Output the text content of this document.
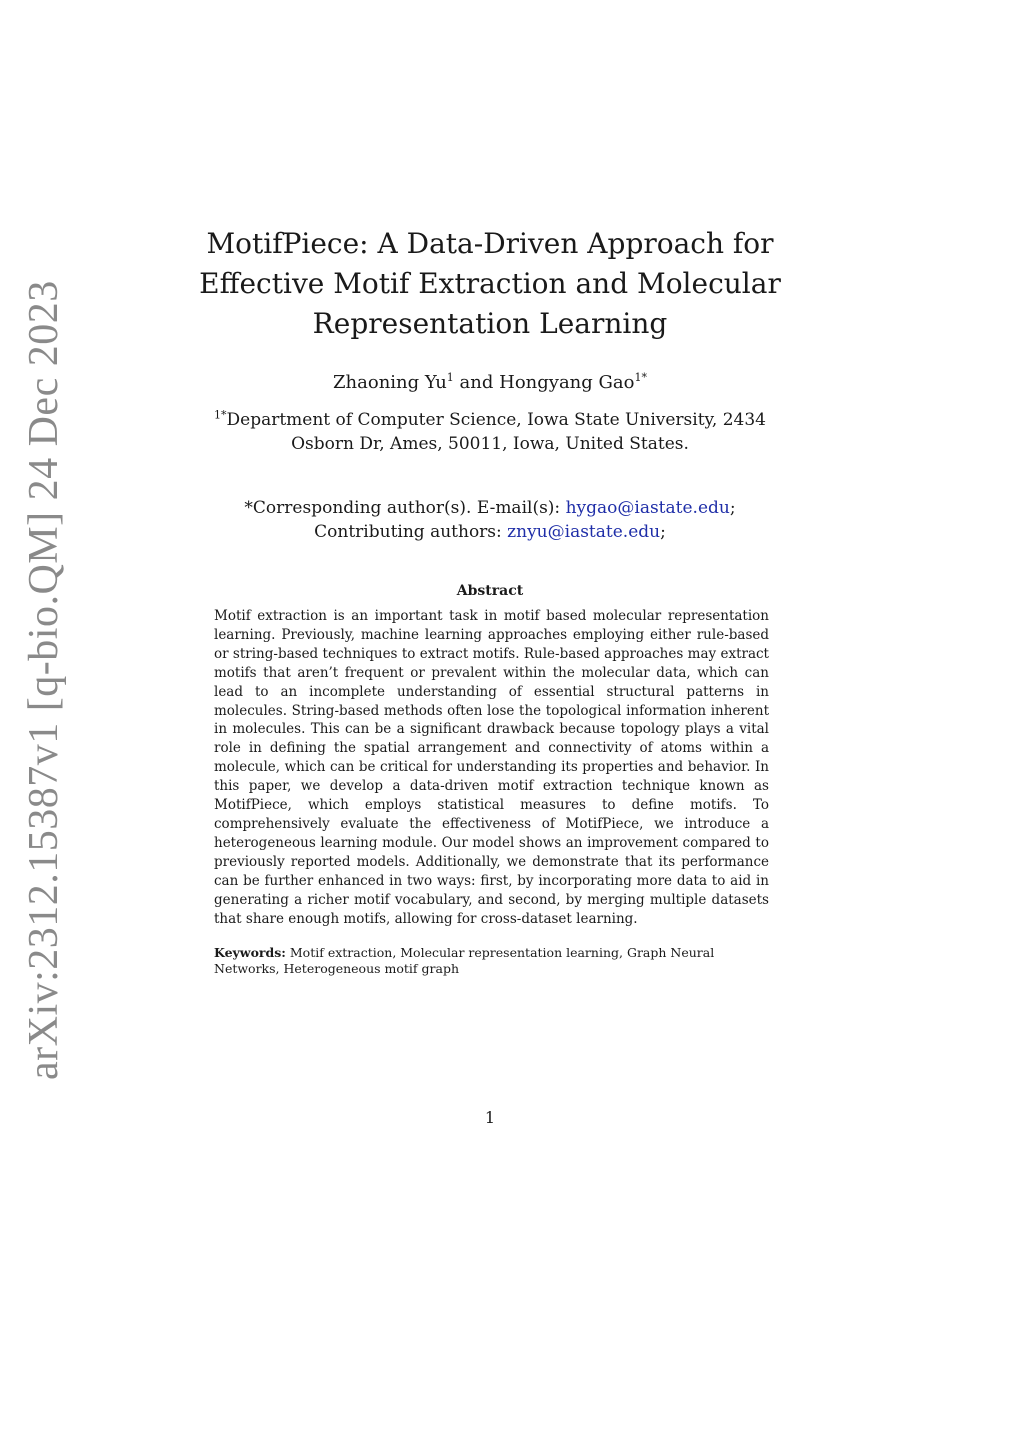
arXiv:2312.15387v1 [q-bio.QM] 24 Dec 2023
MotifPiece: A Data-Driven Approach for Effective Motif Extraction and Molecular Representation Learning
Zhaoning Yu$^1$ and Hongyang Gao$^{1*}$
$^{1*}$Department of Computer Science, Iowa State University, 2434 Osborn Dr, Ames, 50011, Iowa, United States.
*Corresponding author(s). E-mail(s): hygao@iastate.edu;
Contributing authors: znyu@iastate.edu;
Abstract

Motif extraction is an important task in motif based molecular representation learning. Previously, machine learning approaches employing either rule-based or string-based techniques to extract motifs. Rule-based approaches may extract motifs that aren’t frequent or prevalent within the molecular data, which can lead to an incomplete understanding of essential structural patterns in molecules. String-based methods often lose the topological information inherent in molecules. This can be a significant drawback because topology plays a vital role in defining the spatial arrangement and connectivity of atoms within a molecule, which can be critical for understanding its properties and behavior. In this paper, we develop a data-driven motif extraction technique known as MotifPiece, which employs statistical measures to define motifs. To comprehensively evaluate the effectiveness of MotifPiece, we introduce a heterogeneous learning module. Our model shows an improvement compared to previously reported models. Additionally, we demonstrate that its performance can be further enhanced in two ways: first, by incorporating more data to aid in generating a richer motif vocabulary, and second, by merging multiple datasets that share enough motifs, allowing for cross-dataset learning.

Keywords: Motif extraction, Molecular representation learning, Graph Neural Networks, Heterogeneous motif graph

1
